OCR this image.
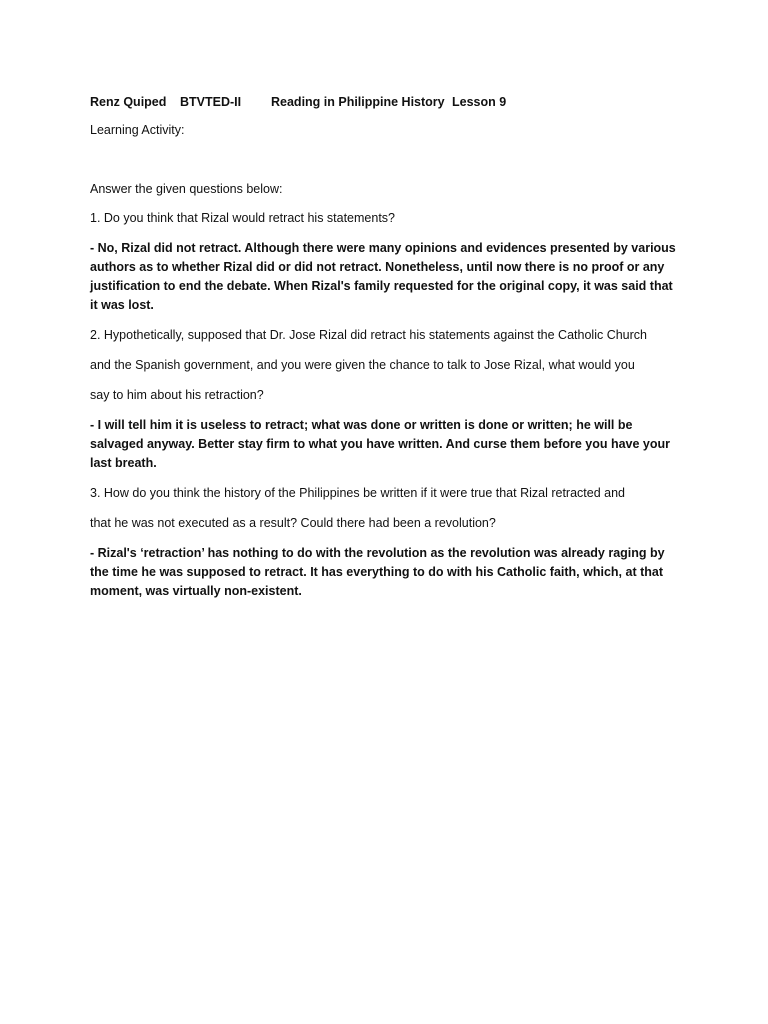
Renz Quiped	BTVTED-II	Reading in Philippine History Lesson 9

Learning Activity:

Answer the given questions below:

1. Do you think that Rizal would retract his statements?

- No, Rizal did not retract. Although there were many opinions and evidences presented by various authors as to whether Rizal did or did not retract. Nonetheless, until now there is no proof or any justification to end the debate. When Rizal's family requested for the original copy, it was said that it was lost.

2. Hypothetically, supposed that Dr. Jose Rizal did retract his statements against the Catholic Church

and the Spanish government, and you were given the chance to talk to Jose Rizal, what would you

say to him about his retraction?

- I will tell him it is useless to retract; what was done or written is done or written; he will be salvaged anyway. Better stay firm to what you have written. And curse them before you have your last breath.

3. How do you think the history of the Philippines be written if it were true that Rizal retracted and

that he was not executed as a result? Could there had been a revolution?

- Rizal's ‘retraction’ has nothing to do with the revolution as the revolution was already raging by the time he was supposed to retract. It has everything to do with his Catholic faith, which, at that moment, was virtually non-existent.
